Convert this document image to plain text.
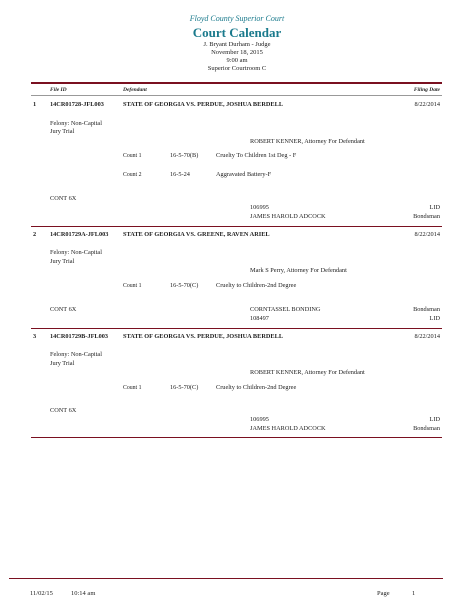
Floyd County Superior Court
Court Calendar
J. Bryant Durham - Judge
November 18, 2015
9:00 am
Superior Courtroom C
File ID	Defendant	Filing Date
1 14CR01728-JFL003	STATE OF GEORGIA VS. PERDUE, JOSHUA BERDELL	8/22/2014
Felony: Non-Capital
Jury Trial
ROBERT KENNER, Attorney For Defendant
Count 1	16-5-70(B)	Cruelty To Children 1st Deg - F
Count 2	16-5-24	Aggravated Battery-F
CONT 6X
106995	LID
JAMES HAROLD ADCOCK	Bondsman
2 14CR01729A-JFL003 STATE OF GEORGIA VS. GREENE, RAVEN ARIEL	8/22/2014
Felony: Non-Capital
Jury Trial
Mark S Perry, Attorney For Defendant
Count 1	16-5-70(C)	Cruelty to Children-2nd Degree
CONT 6X	CORNTASSEL BONDING	Bondsman
108497	LID
3 14CR01729B-JFL003 STATE OF GEORGIA VS. PERDUE, JOSHUA BERDELL	8/22/2014
Felony: Non-Capital
Jury Trial
ROBERT KENNER, Attorney For Defendant
Count 1	16-5-70(C)	Cruelty to Children-2nd Degree
CONT 6X
106995	LID
JAMES HAROLD ADCOCK	Bondsman
11/02/15	10:14 am	Page	1
